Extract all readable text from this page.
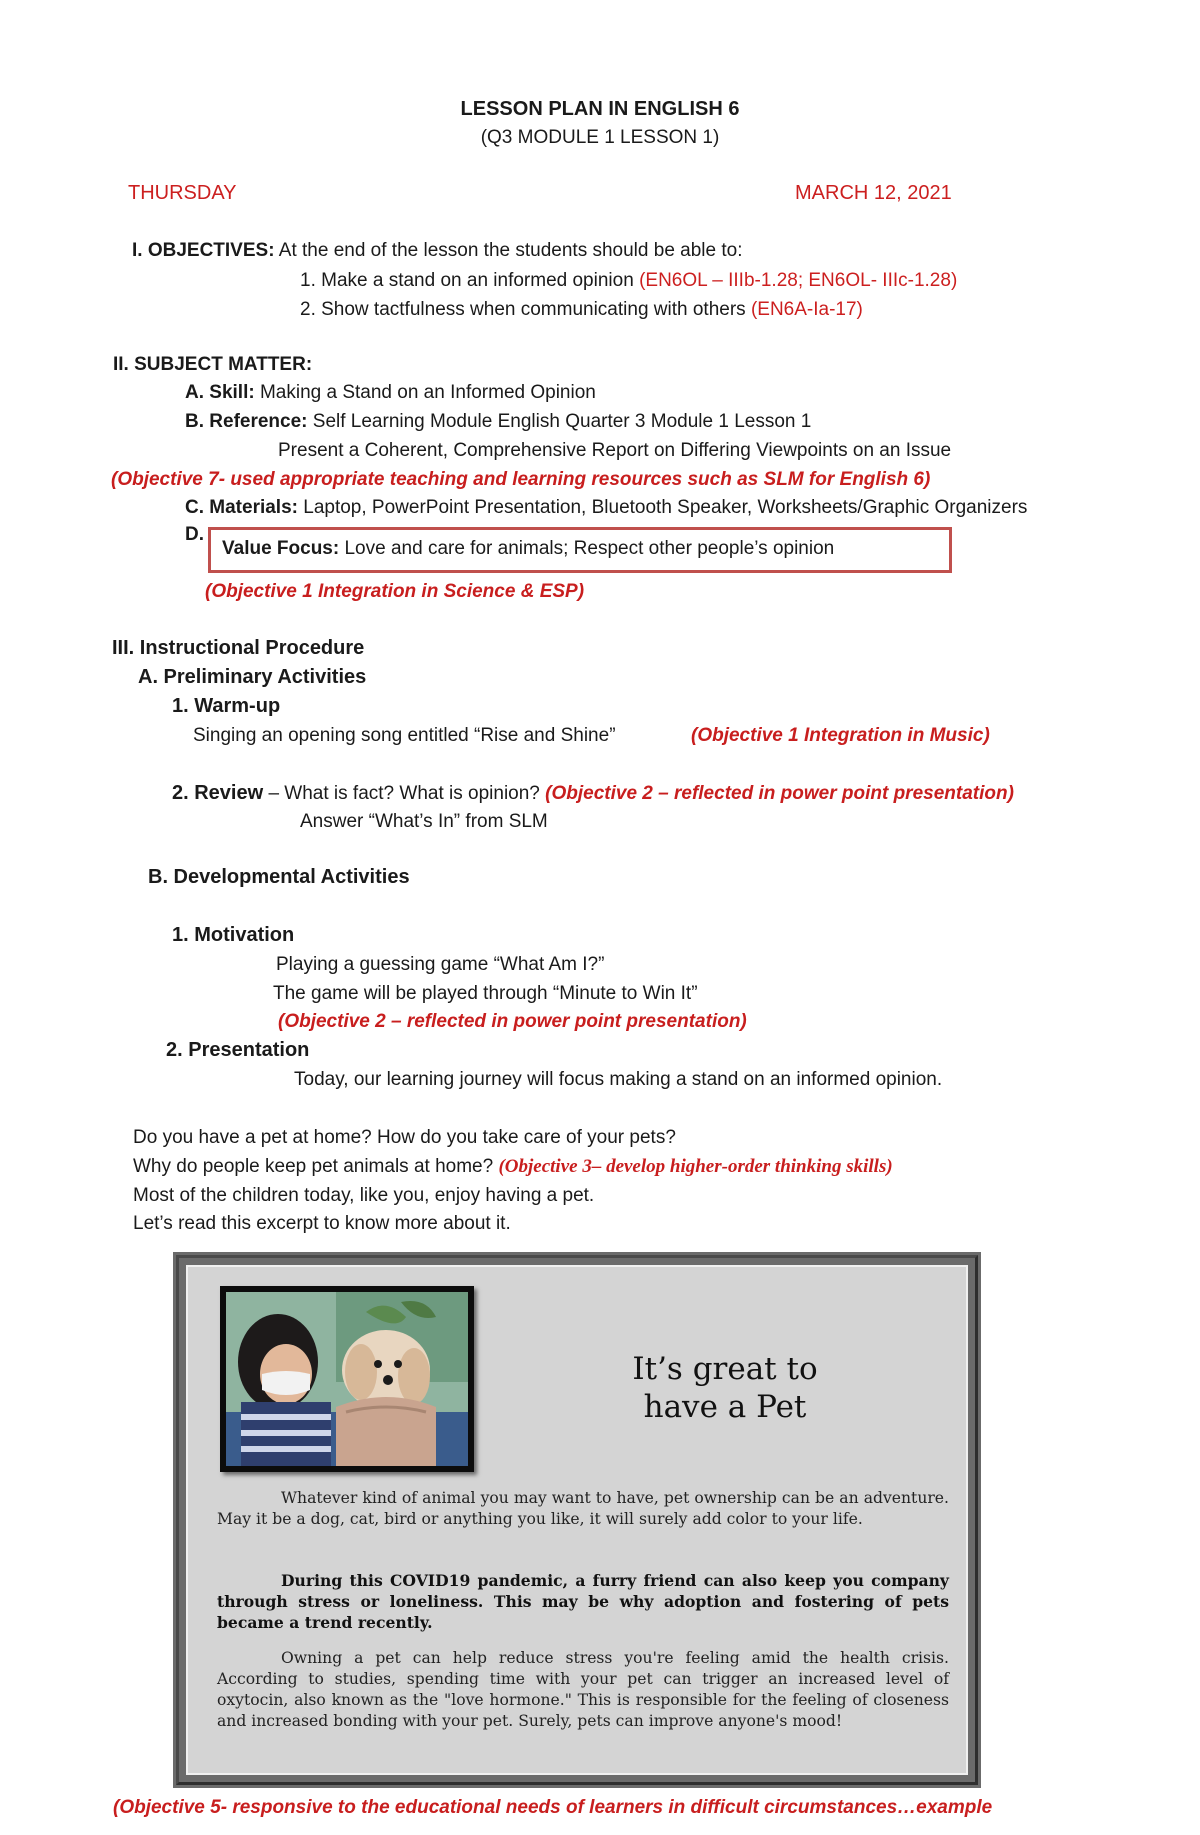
LESSON PLAN IN ENGLISH 6
(Q3 MODULE 1 LESSON 1)
THURSDAY	MARCH 12, 2021
I. OBJECTIVES: At the end of the lesson the students should be able to:
1. Make a stand on an informed opinion (EN6OL – IIIb-1.28; EN6OL- IIIc-1.28)
2. Show tactfulness when communicating with others (EN6A-Ia-17)
II. SUBJECT MATTER:
A. Skill: Making a Stand on an Informed Opinion
B. Reference: Self Learning Module English Quarter 3 Module 1 Lesson 1
Present a Coherent, Comprehensive Report on Differing Viewpoints on an Issue
(Objective 7- used appropriate teaching and learning resources such as SLM for English 6)
C. Materials: Laptop, PowerPoint Presentation, Bluetooth Speaker, Worksheets/Graphic Organizers
D.
Value Focus: Love and care for animals; Respect other people’s opinion
(Objective 1 Integration in Science & ESP)
III. Instructional Procedure
A. Preliminary Activities
1. Warm-up
Singing an opening song entitled “Rise and Shine”	(Objective 1 Integration in Music)
2. Review – What is fact? What is opinion? (Objective 2 – reflected in power point presentation)
Answer “What’s In” from SLM
B. Developmental Activities
1. Motivation
Playing a guessing game “What Am I?”
The game will be played through “Minute to Win It”
(Objective 2 – reflected in power point presentation)
2. Presentation
Today, our learning journey will focus making a stand on an informed opinion.
Do you have a pet at home? How do you take care of your pets?
Why do people keep pet animals at home? (Objective 3– develop higher-order thinking skills)
Most of the children today, like you, enjoy having a pet.
Let’s read this excerpt to know more about it.
It’s great to
have a Pet

Whatever kind of animal you may want to have, pet ownership can be an adventure. May it be a dog, cat, bird or anything you like, it will surely add color to your life.

During this COVID19 pandemic, a furry friend can also keep you company through stress or loneliness. This may be why adoption and fostering of pets became a trend recently.

Owning a pet can help reduce stress you're feeling amid the health crisis. According to studies, spending time with your pet can trigger an increased level of oxytocin, also known as the "love hormone." This is responsible for the feeling of closeness and increased bonding with your pet. Surely, pets can improve anyone's mood!

(Objective 5- responsive to the educational needs of learners in difficult circumstances…example
